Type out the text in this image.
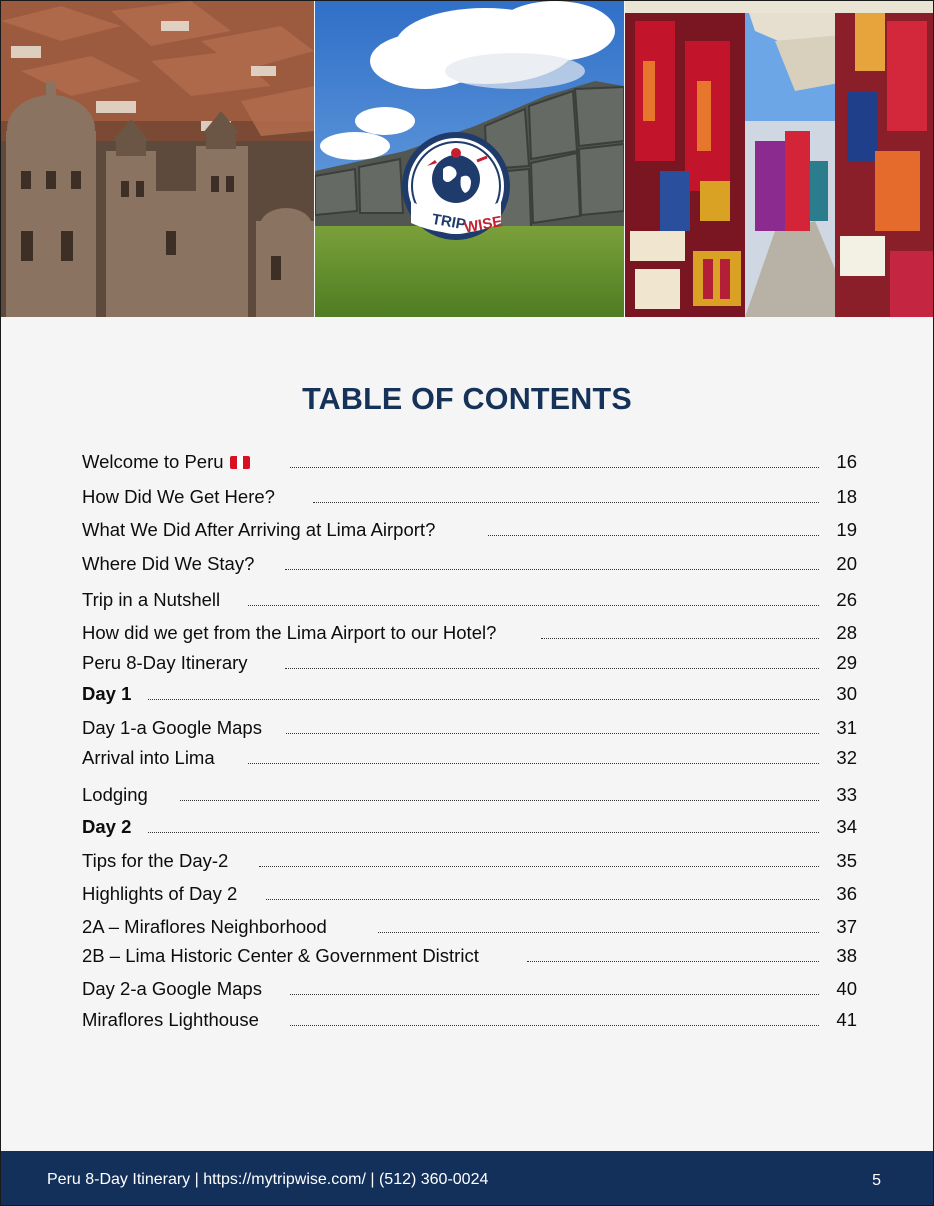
TRIP
WISE
TABLE OF CONTENTS
Welcome to Peru	16
How Did We Get Here?	18
What We Did After Arriving at Lima Airport?	19
Where Did We Stay?	20
Trip in a Nutshell	26
How did we get from the Lima Airport to our Hotel?	28
Peru 8-Day Itinerary	29
Day 1	30
Day 1-a Google Maps	31
Arrival into Lima	32
Lodging	33
Day 2	34
Tips for the Day-2	35
Highlights of Day 2	36
2A – Miraflores Neighborhood	37
2B – Lima Historic Center & Government District	38
Day 2-a Google Maps	40
Miraflores Lighthouse	41
Peru 8-Day Itinerary | https://mytripwise.com/ | (512) 360-0024	5
